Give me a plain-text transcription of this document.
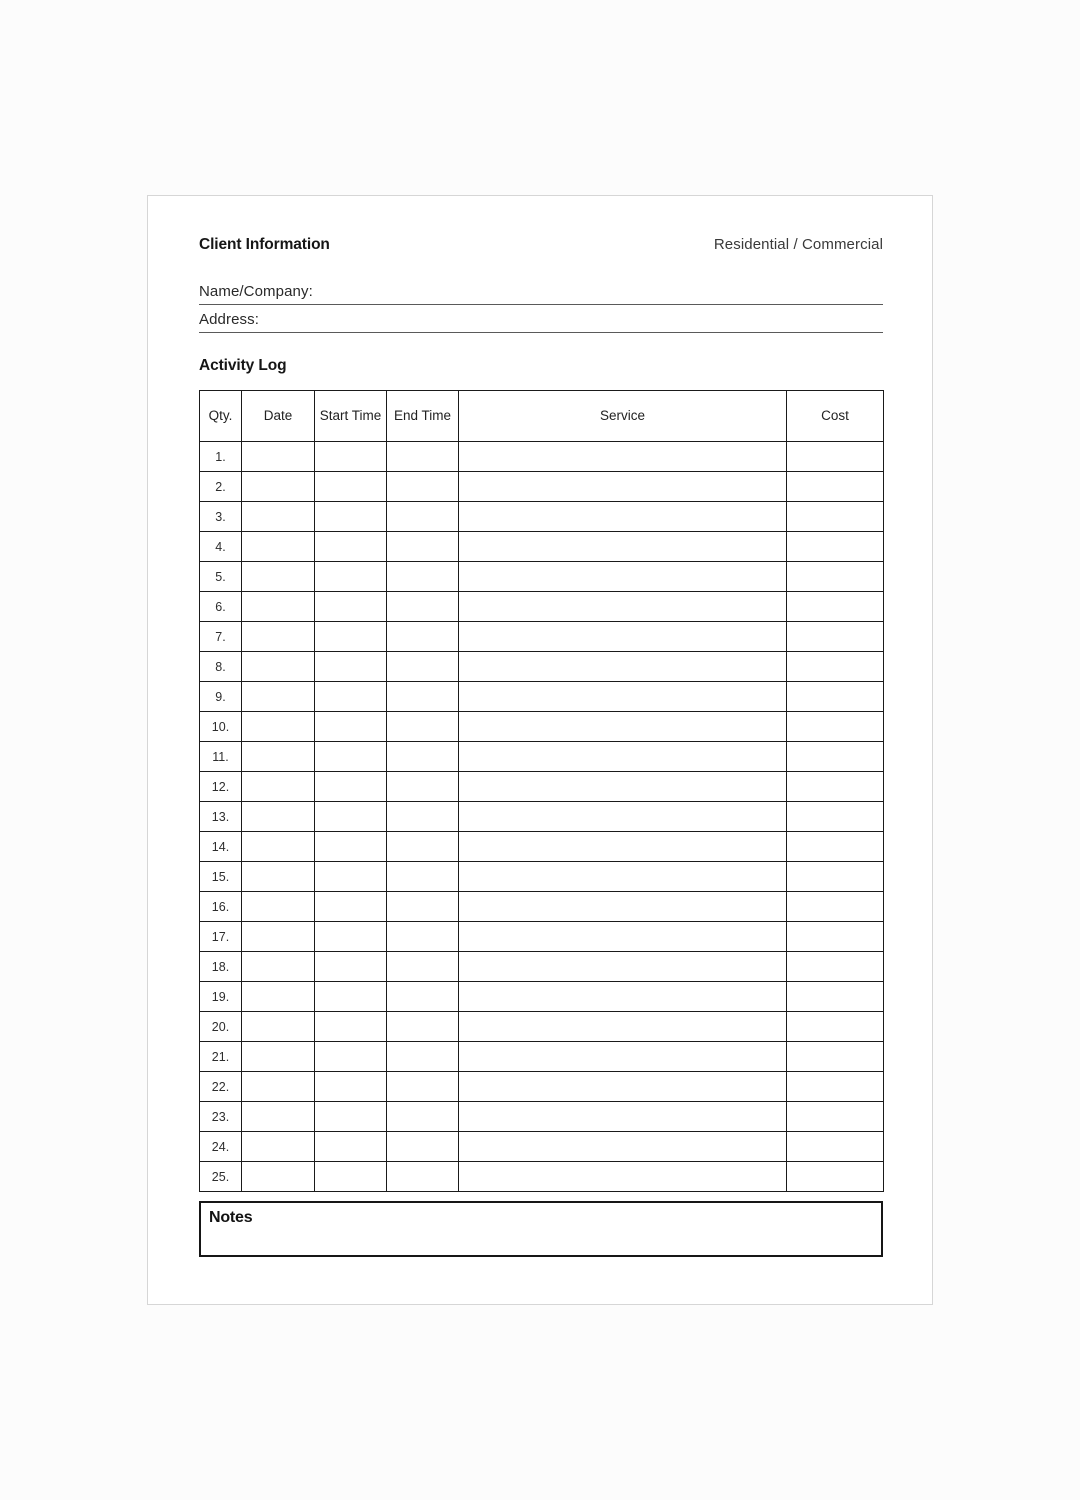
Client Information	Residential / Commercial
Name/Company:
Address:
Activity Log
Qty.	Date	Start Time	End Time	Service	Cost
1.					
2.					
3.					
4.					
5.					
6.					
7.					
8.					
9.					
10.					
11.					
12.					
13.					
14.					
15.					
16.					
17.					
18.					
19.					
20.					
21.					
22.					
23.					
24.					
25.					
Notes
